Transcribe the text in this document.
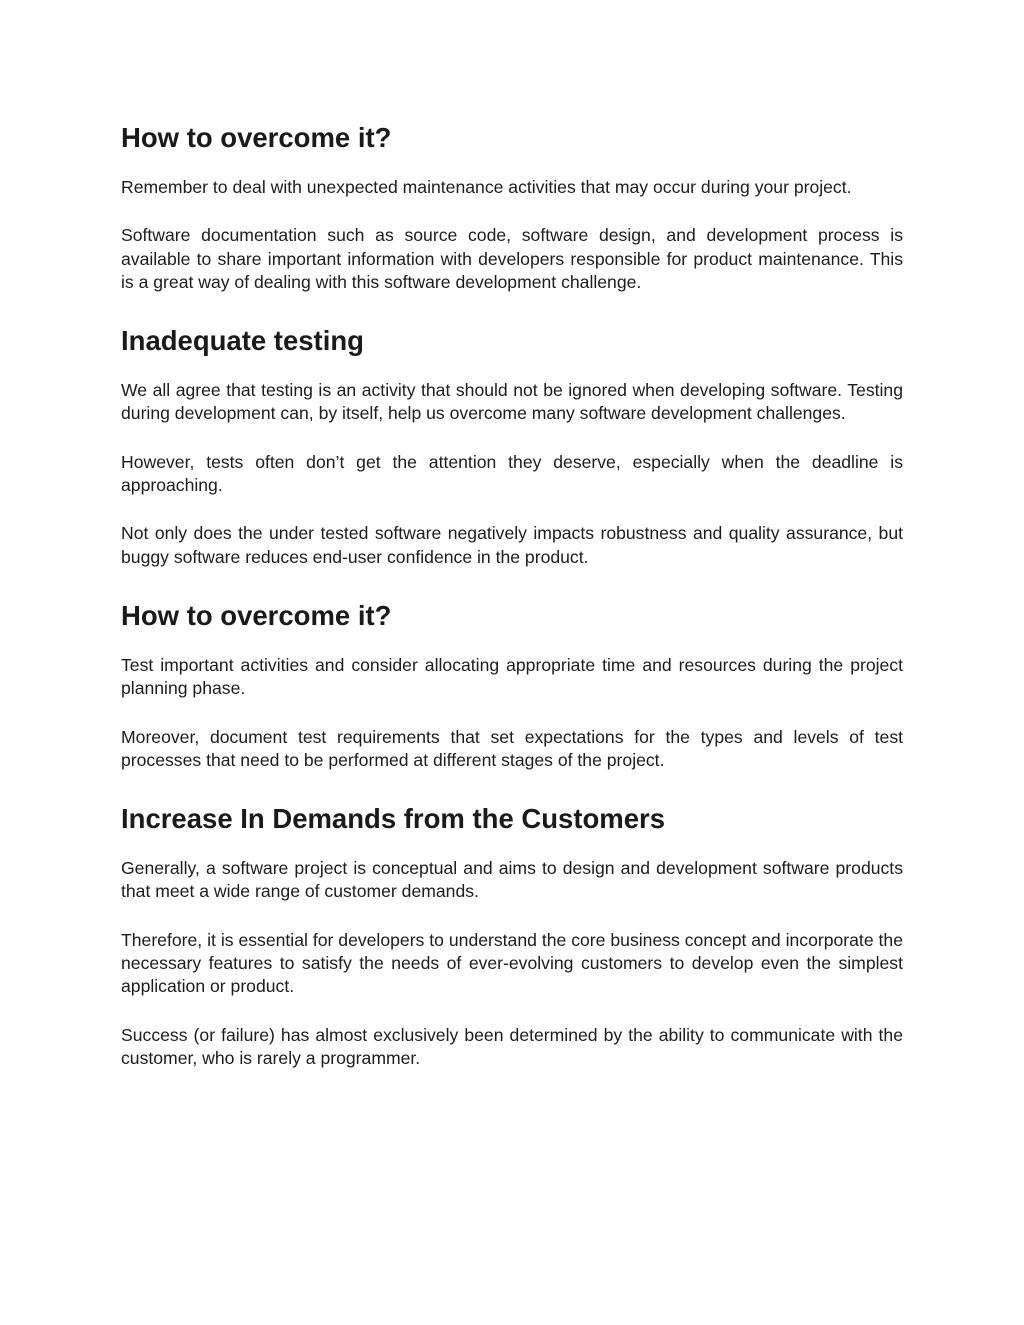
How to overcome it?

Remember to deal with unexpected maintenance activities that may occur during your project.

Software documentation such as source code, software design, and development process is available to share important information with developers responsible for product maintenance. This is a great way of dealing with this software development challenge.

Inadequate testing

We all agree that testing is an activity that should not be ignored when developing software. Testing during development can, by itself, help us overcome many software development challenges.

However, tests often don’t get the attention they deserve, especially when the deadline is approaching.

Not only does the under tested software negatively impacts robustness and quality assurance, but buggy software reduces end-user confidence in the product.

How to overcome it?

Test important activities and consider allocating appropriate time and resources during the project planning phase.

Moreover, document test requirements that set expectations for the types and levels of test processes that need to be performed at different stages of the project.

Increase In Demands from the Customers

Generally, a software project is conceptual and aims to design and development software products that meet a wide range of customer demands.

Therefore, it is essential for developers to understand the core business concept and incorporate the necessary features to satisfy the needs of ever-evolving customers to develop even the simplest application or product.

Success (or failure) has almost exclusively been determined by the ability to communicate with the customer, who is rarely a programmer.
